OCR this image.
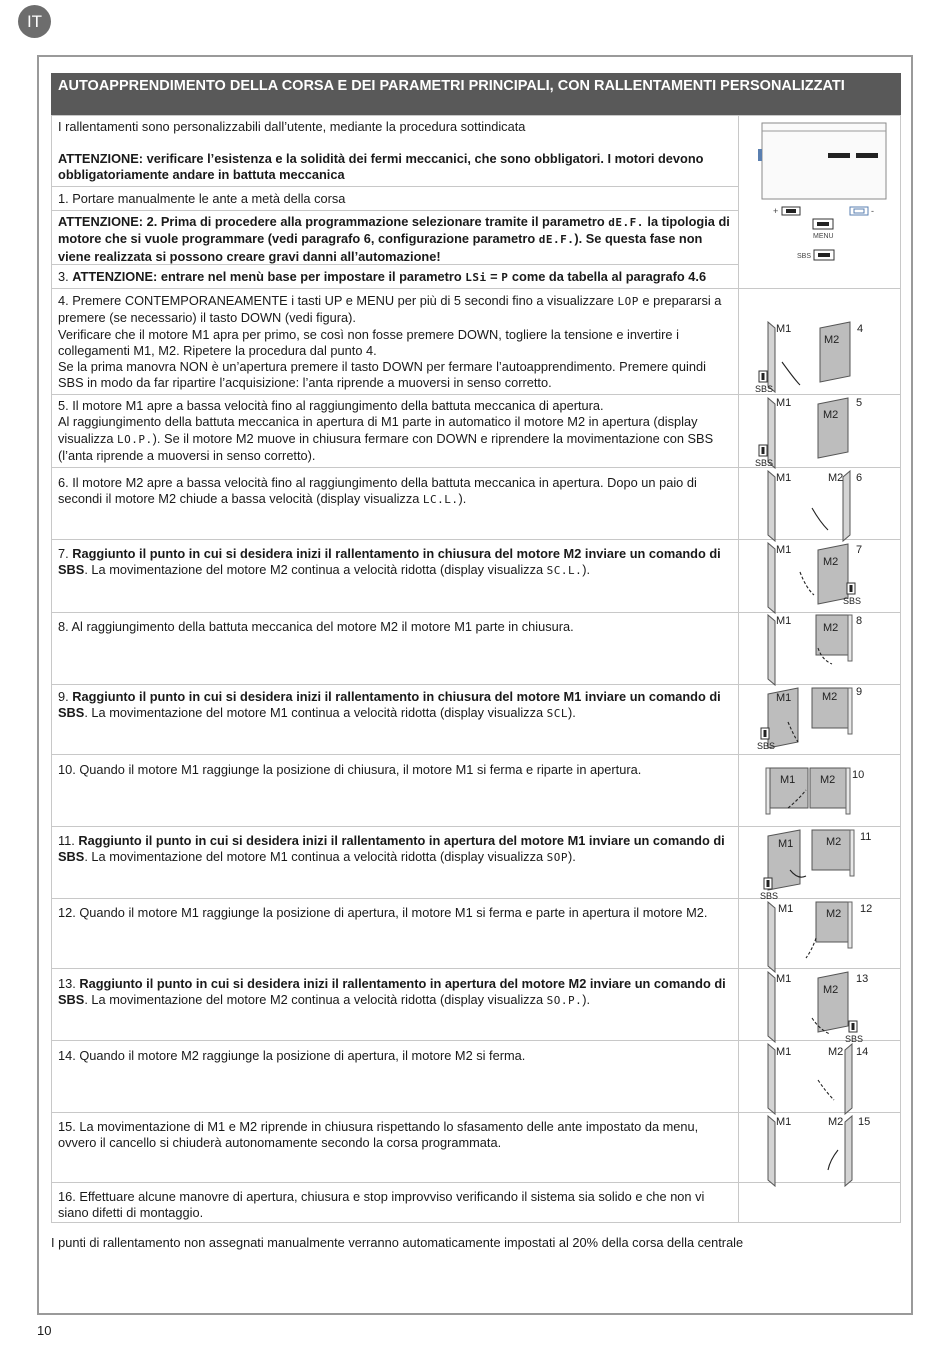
IT
AUTOAPPRENDIMENTO DELLA CORSA E DEI PARAMETRI PRINCIPALI, CON RALLENTAMENTI PERSONALIZZATI
I rallentamenti sono personalizzabili dall’utente, mediante la procedura sottindicata
ATTENZIONE: verificare l’esistenza e la solidità dei fermi meccanici, che sono obbligatori. I motori devono obbligatoriamente andare in battuta meccanica
1. Portare manualmente le ante a metà della corsa
ATTENZIONE: 2. Prima di procedere alla programmazione selezionare tramite il parametro dE.F. la tipologia di motore che si vuole programmare (vedi paragrafo 6, configurazione parametro dE.F.). Se questa fase non viene realizzata si possono creare gravi danni all’automazione!
3. ATTENZIONE: entrare nel menù base per impostare il parametro LSi = P come da tabella al paragrafo 4.6
4. Premere CONTEMPORANEAMENTE i tasti UP e MENU per più di 5 secondi fino a visualizzare LOP e prepararsi a premere (se necessario) il tasto DOWN (vedi figura).
Verificare che il motore M1 apra per primo, se così non fosse premere DOWN, togliere la tensione e invertire i collegamenti M1, M2. Ripetere la procedura dal punto 4.
Se la prima manovra NON è un’apertura premere il tasto DOWN per fermare l’autoapprendimento. Premere quindi SBS in modo da far ripartire l’acquisizione: l’anta riprende a muoversi in senso corretto.
5. Il motore M1 apre a bassa velocità fino al raggiungimento della battuta meccanica di apertura.
Al raggiungimento della battuta meccanica in apertura di M1 parte in automatico il motore M2 in apertura (display visualizza LO.P.). Se il motore M2 muove in chiusura fermare con DOWN e riprendere la movimentazione con SBS (l’anta riprende a muoversi in senso corretto).
6. Il motore M2 apre a bassa velocità fino al raggiungimento della battuta meccanica in apertura. Dopo un paio di secondi il motore M2 chiude a bassa velocità (display visualizza LC.L.).
7. Raggiunto il punto in cui si desidera inizi il rallentamento in chiusura del motore M2 inviare un comando di SBS. La movimentazione del motore M2 continua a velocità ridotta (display visualizza SC.L.).
8. Al raggiungimento della battuta meccanica del motore M2 il motore M1 parte in chiusura.
9. Raggiunto il punto in cui si desidera inizi il rallentamento in chiusura del motore M1 inviare un comando di SBS. La movimentazione del motore M1 continua a velocità ridotta (display visualizza SCL).
10. Quando il motore M1 raggiunge la posizione di chiusura, il motore M1 si ferma e riparte in apertura.
11. Raggiunto il punto in cui si desidera inizi il rallentamento in apertura del motore M1 inviare un comando di SBS. La movimentazione del motore M1 continua a velocità ridotta (display visualizza SOP).
12. Quando il motore M1 raggiunge la posizione di apertura, il motore M1 si ferma e parte in apertura il motore M2.
13. Raggiunto il punto in cui si desidera inizi il rallentamento in apertura del motore M2 inviare un comando di SBS. La movimentazione del motore M2 continua a velocità ridotta (display visualizza SO.P.).
14. Quando il motore M2 raggiunge la posizione di apertura, il motore M2 si ferma.
15. La movimentazione di M1 e M2 riprende in chiusura rispettando lo sfasamento delle ante impostato da menu, ovvero il cancello si chiuderà autonomamente secondo la corsa programmata.
16. Effettuare alcune manovre di apertura, chiusura e stop improvviso verificando il sistema sia solido e che non vi siano difetti di montaggio.
I punti di rallentamento non assegnati manualmente verranno automaticamente impostati al 20% della corsa della centrale
10
+
MENU
-
SBS
M1
M2
4
SBS
M1
M2
5
SBS
M1	M2 6
M1
M2
7
SBS
M1
M2
8
M1	M2 9
SBS
M1 M2 10
M1	M2 11
SBS
M1	M2 12
M1
M2
13
SBS
M1	M2 14
M1	M2 15
